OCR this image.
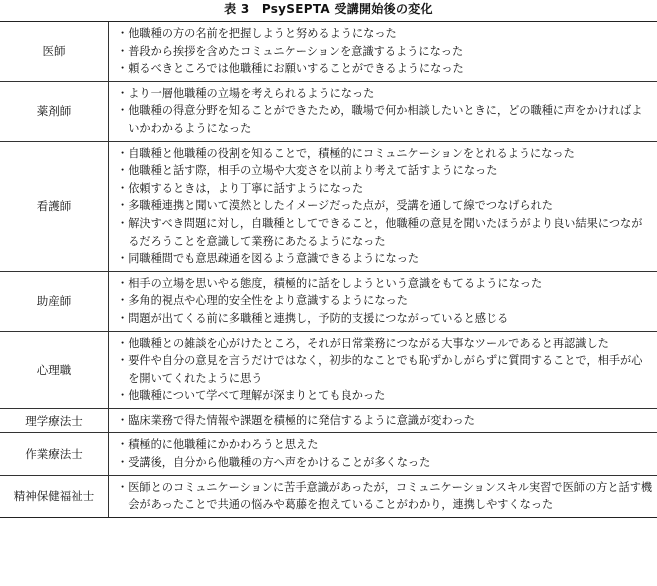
表 3　PsySEPTA 受講開始後の変化
医師
・ 他職種の方の名前を把握しようと努めるようになった
・ 普段から挨拶を含めたコミュニケーションを意識するようになった
・ 頼るべきところでは他職種にお願いすることができるようになった
薬剤師
・ より一層他職種の立場を考えられるようになった
・ 他職種の得意分野を知ることができたため，職場で何か相談したいときに，どの職種に声をかければよいかわかるようになった
看護師
・ 自職種と他職種の役割を知ることで，積極的にコミュニケーションをとれるようになった
・ 他職種と話す際，相手の立場や大変さを以前より考えて話すようになった
・ 依頼するときは，より丁寧に話すようになった
・ 多職種連携と聞いて漠然としたイメージだった点が，受講を通して線でつなげられた
・ 解決すべき問題に対し，自職種としてできること，他職種の意見を聞いたほうがより良い結果につながるだろうことを意識して業務にあたるようになった
・ 同職種間でも意思疎通を図るよう意識できるようになった
助産師
・ 相手の立場を思いやる態度，積極的に話をしようという意識をもてるようになった
・ 多角的視点や心理的安全性をより意識するようになった
・ 問題が出てくる前に多職種と連携し，予防的支援につながっていると感じる
心理職
・ 他職種との雑談を心がけたところ，それが日常業務につながる大事なツールであると再認識した
・ 要件や自分の意見を言うだけではなく，初歩的なことでも恥ずかしがらずに質問することで，相手が心を開いてくれたように思う
・ 他職種について学べて理解が深まりとても良かった
理学療法士	・ 臨床業務で得た情報や課題を積極的に発信するように意識が変わった
作業療法士
・ 積極的に他職種にかかわろうと思えた
・ 受講後，自分から他職種の方へ声をかけることが多くなった
精神保健福祉士
・ 医師とのコミュニケーションに苦手意識があったが，コミュニケーションスキル実習で医師の方と話す機会があったことで共通の悩みや葛藤を抱えていることがわかり，連携しやすくなった
